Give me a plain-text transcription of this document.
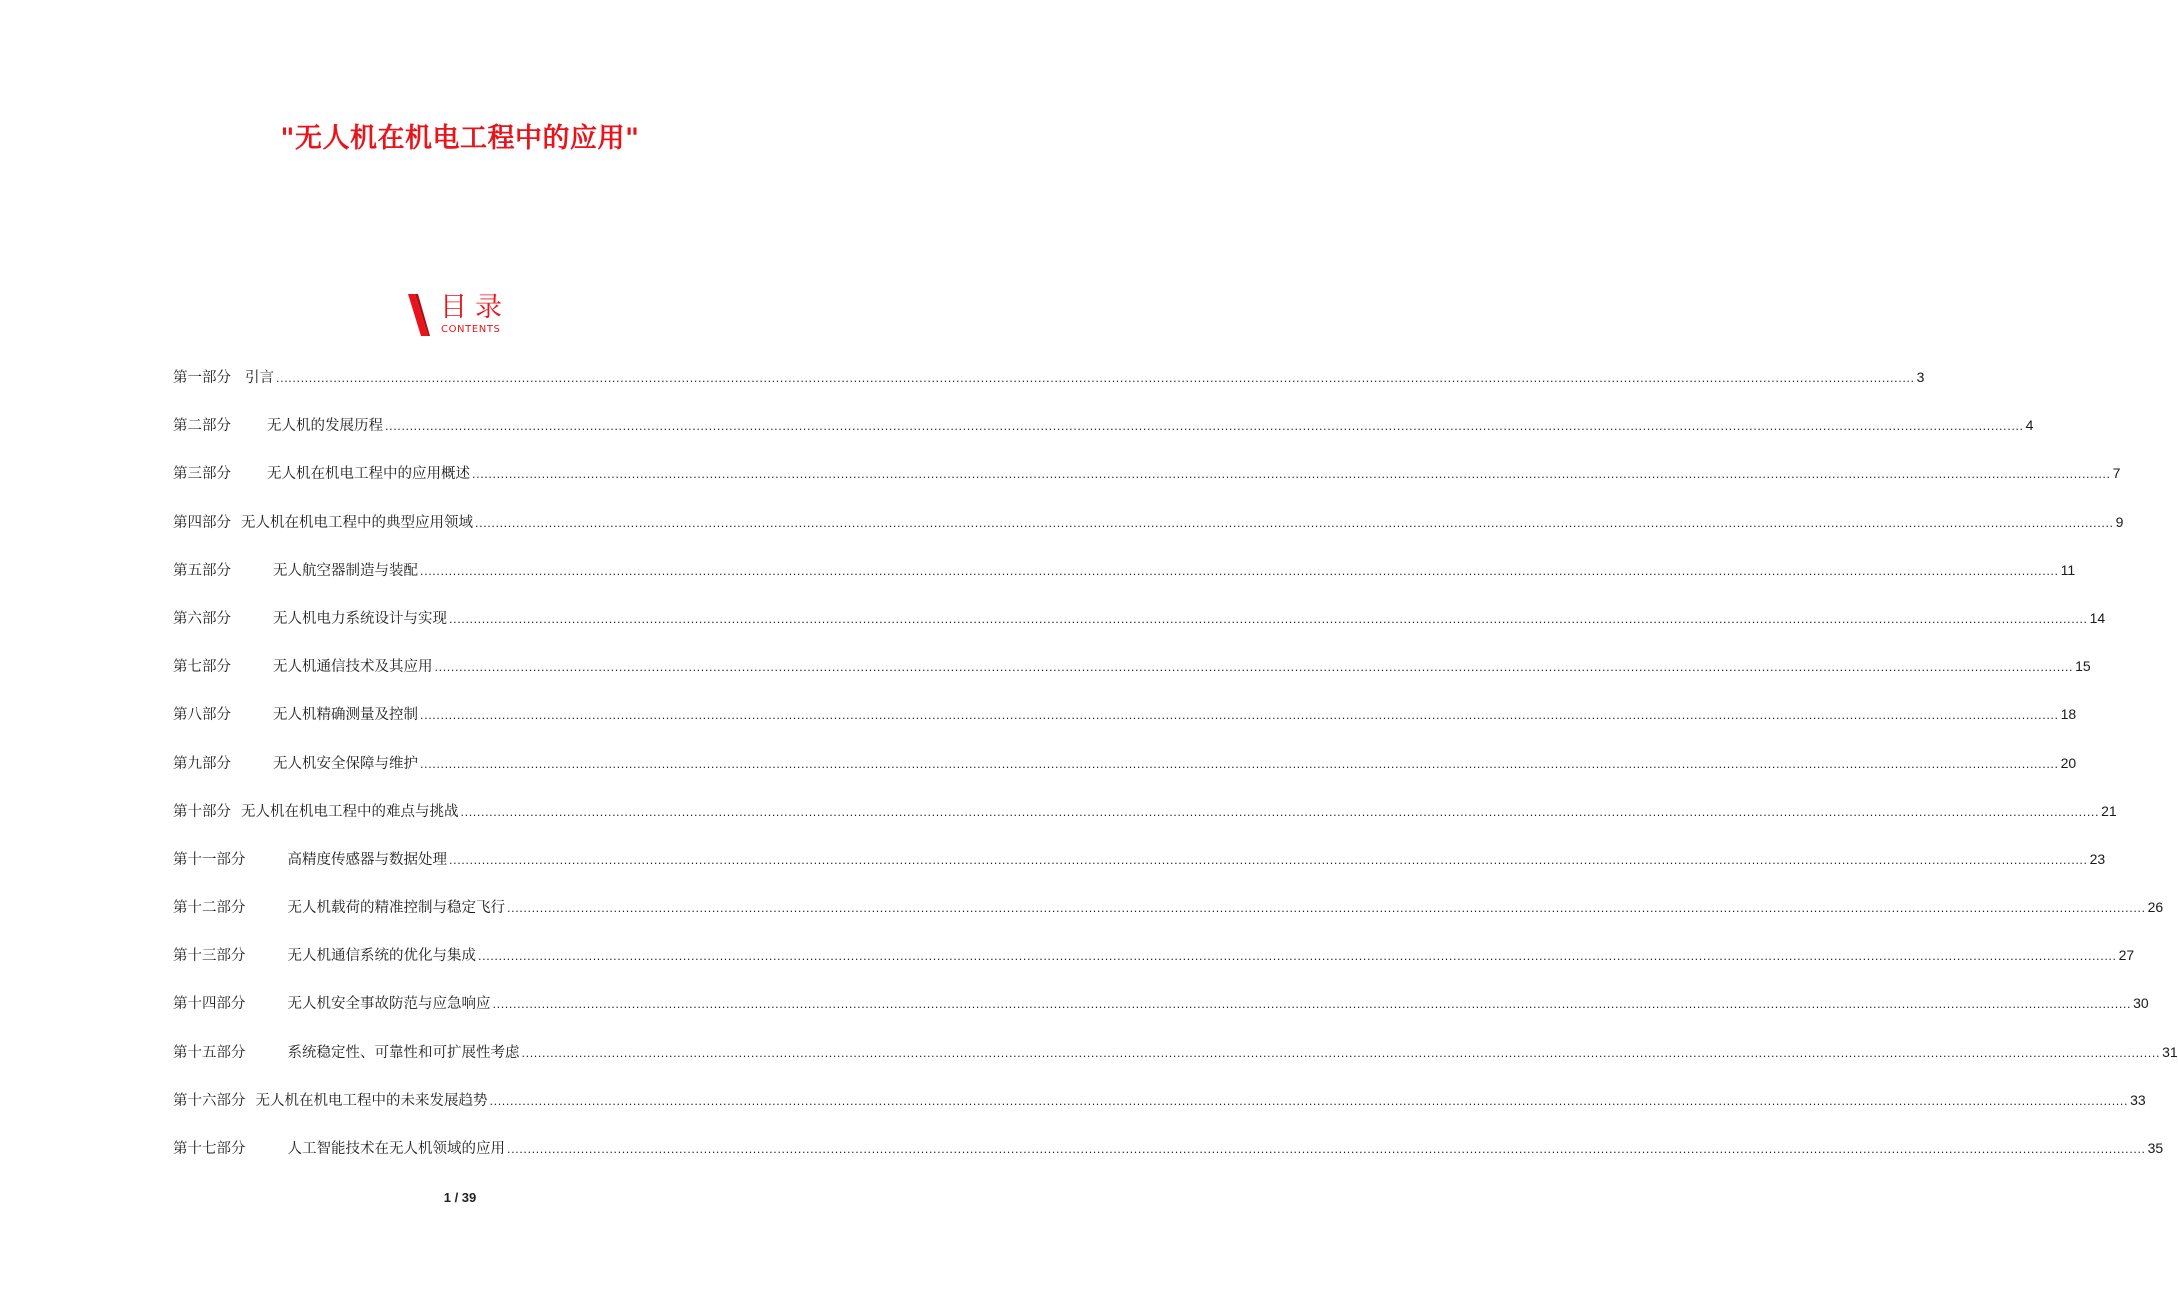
"无人机在机电工程中的应用"
目录
CONTENTS
第一部分 引言 ................................................................................................................................................................................................................................................................................................................................................................................................................ 3
第二部分 无人机的发展历程 ................................................................................................................................................................................................................................................................................................................................................................................................................ 4
第三部分 无人机在机电工程中的应用概述 ................................................................................................................................................................................................................................................................................................................................................................................................................ 7
第四部分 无人机在机电工程中的典型应用领域 ................................................................................................................................................................................................................................................................................................................................................................................................................ 9
第五部分	无人航空器制造与装配 ................................................................................................................................................................................................................................................................................................................................................................................................................ 11
第六部分	无人机电力系统设计与实现 ................................................................................................................................................................................................................................................................................................................................................................................................................ 14
第七部分	无人机通信技术及其应用 ................................................................................................................................................................................................................................................................................................................................................................................................................ 15
第八部分	无人机精确测量及控制 ................................................................................................................................................................................................................................................................................................................................................................................................................ 18
第九部分	无人机安全保障与维护 ................................................................................................................................................................................................................................................................................................................................................................................................................ 20
第十部分 无人机在机电工程中的难点与挑战 ................................................................................................................................................................................................................................................................................................................................................................................................................ 21
第十一部分	高精度传感器与数据处理 ................................................................................................................................................................................................................................................................................................................................................................................................................ 23
第十二部分	无人机载荷的精准控制与稳定飞行 ................................................................................................................................................................................................................................................................................................................................................................................................................ 26
第十三部分	无人机通信系统的优化与集成 ................................................................................................................................................................................................................................................................................................................................................................................................................ 27
第十四部分	无人机安全事故防范与应急响应 ................................................................................................................................................................................................................................................................................................................................................................................................................ 30
第十五部分	系统稳定性、可靠性和可扩展性考虑 ................................................................................................................................................................................................................................................................................................................................................................................................................ 31
第十六部分 无人机在机电工程中的未来发展趋势 ................................................................................................................................................................................................................................................................................................................................................................................................................ 33
第十七部分	人工智能技术在无人机领域的应用 ................................................................................................................................................................................................................................................................................................................................................................................................................ 35
1 / 39
